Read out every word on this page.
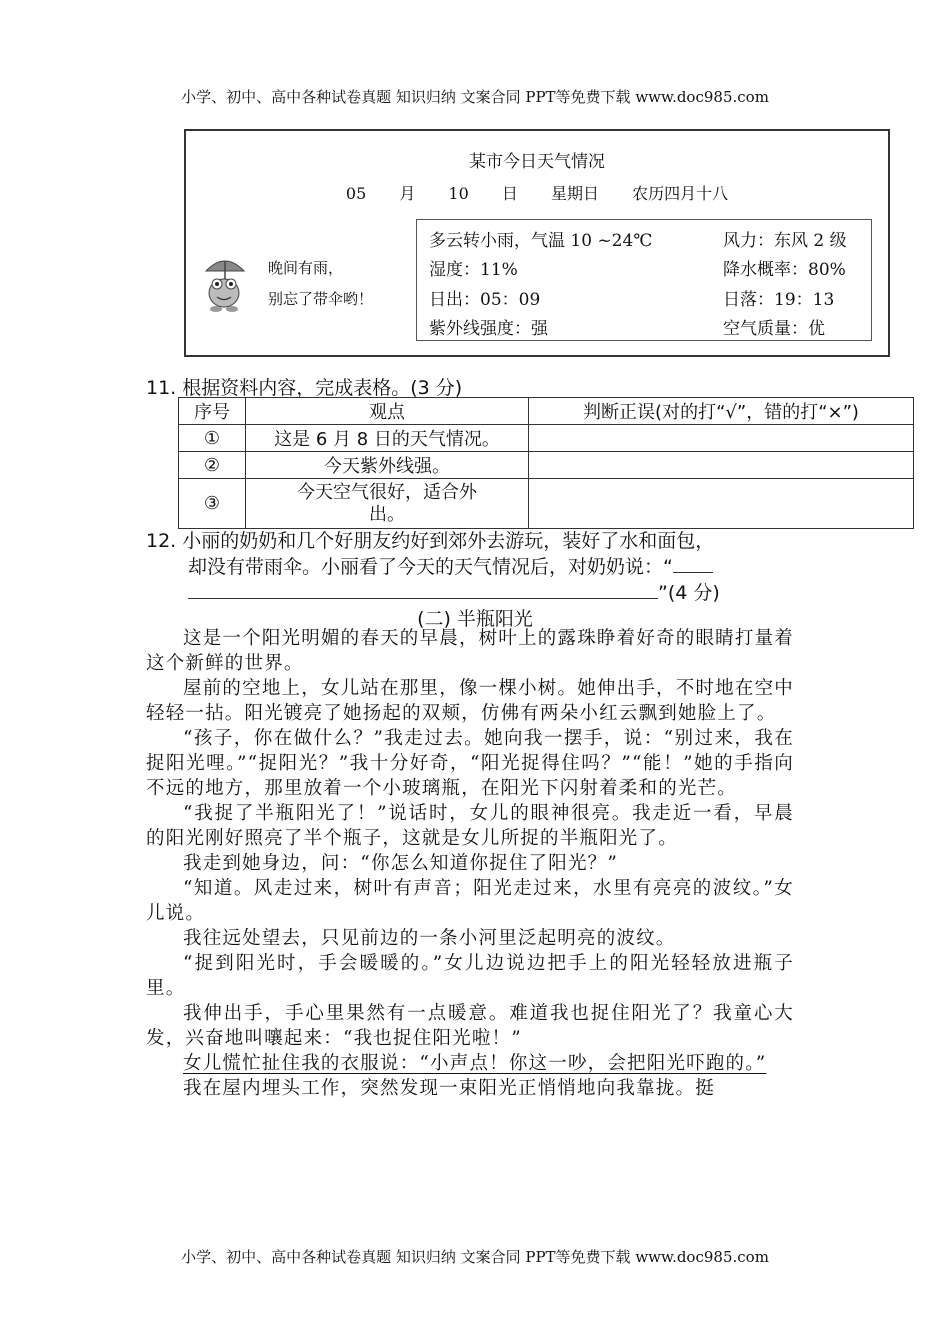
小学、初中、高中各种试卷真题 知识归纳 文案合同 PPT等免费下载 www.doc985.com
某市今日天气情况
05 月 10 日 星期日 农历四月十八
晚间有雨，
别忘了带伞哟！
多云转小雨，气温 10 ~24℃	风力：东风 2 级
湿度：11%	降水概率：80%
日出：05：09	日落：19：13
紫外线强度：强	空气质量：优
11. 根据资料内容，完成表格。(3 分)
序号	观点	判断正误(对的打“√”，错的打“×”)
①	这是 6 月 8 日的天气情况。	
②	今天紫外线强。	
③	今天空气很好，适合外出。	
12. 小丽的奶奶和几个好朋友约好到郊外去游玩，装好了水和面包，
却没有带雨伞。小丽看了今天的天气情况后，对奶奶说：“
”(4 分)
(二) 半瓶阳光

这是一个阳光明媚的春天的早晨，树叶上的露珠睁着好奇的眼睛打量着这个新鲜的世界。

屋前的空地上，女儿站在那里，像一棵小树。她伸出手，不时地在空中轻轻一拈。阳光镀亮了她扬起的双颊，仿佛有两朵小红云飘到她脸上了。

“孩子，你在做什么？”我走过去。她向我一摆手，说：“别过来，我在捉阳光哩。”“捉阳光？”我十分好奇，“阳光捉得住吗？”“能！”她的手指向不远的地方，那里放着一个小玻璃瓶，在阳光下闪射着柔和的光芒。

“我捉了半瓶阳光了！”说话时，女儿的眼神很亮。我走近一看，早晨的阳光刚好照亮了半个瓶子，这就是女儿所捉的半瓶阳光了。

我走到她身边，问：“你怎么知道你捉住了阳光？”

“知道。风走过来，树叶有声音；阳光走过来，水里有亮亮的波纹。”女儿说。

我往远处望去，只见前边的一条小河里泛起明亮的波纹。

“捉到阳光时，手会暖暖的。”女儿边说边把手上的阳光轻轻放进瓶子里。

我伸出手，手心里果然有一点暖意。难道我也捉住阳光了？我童心大发，兴奋地叫嚷起来：“我也捉住阳光啦！”

女儿慌忙扯住我的衣服说：“小声点！你这一吵，会把阳光吓跑的。”

我在屋内埋头工作，突然发现一束阳光正悄悄地向我靠拢。挺

小学、初中、高中各种试卷真题 知识归纳 文案合同 PPT等免费下载 www.doc985.com
